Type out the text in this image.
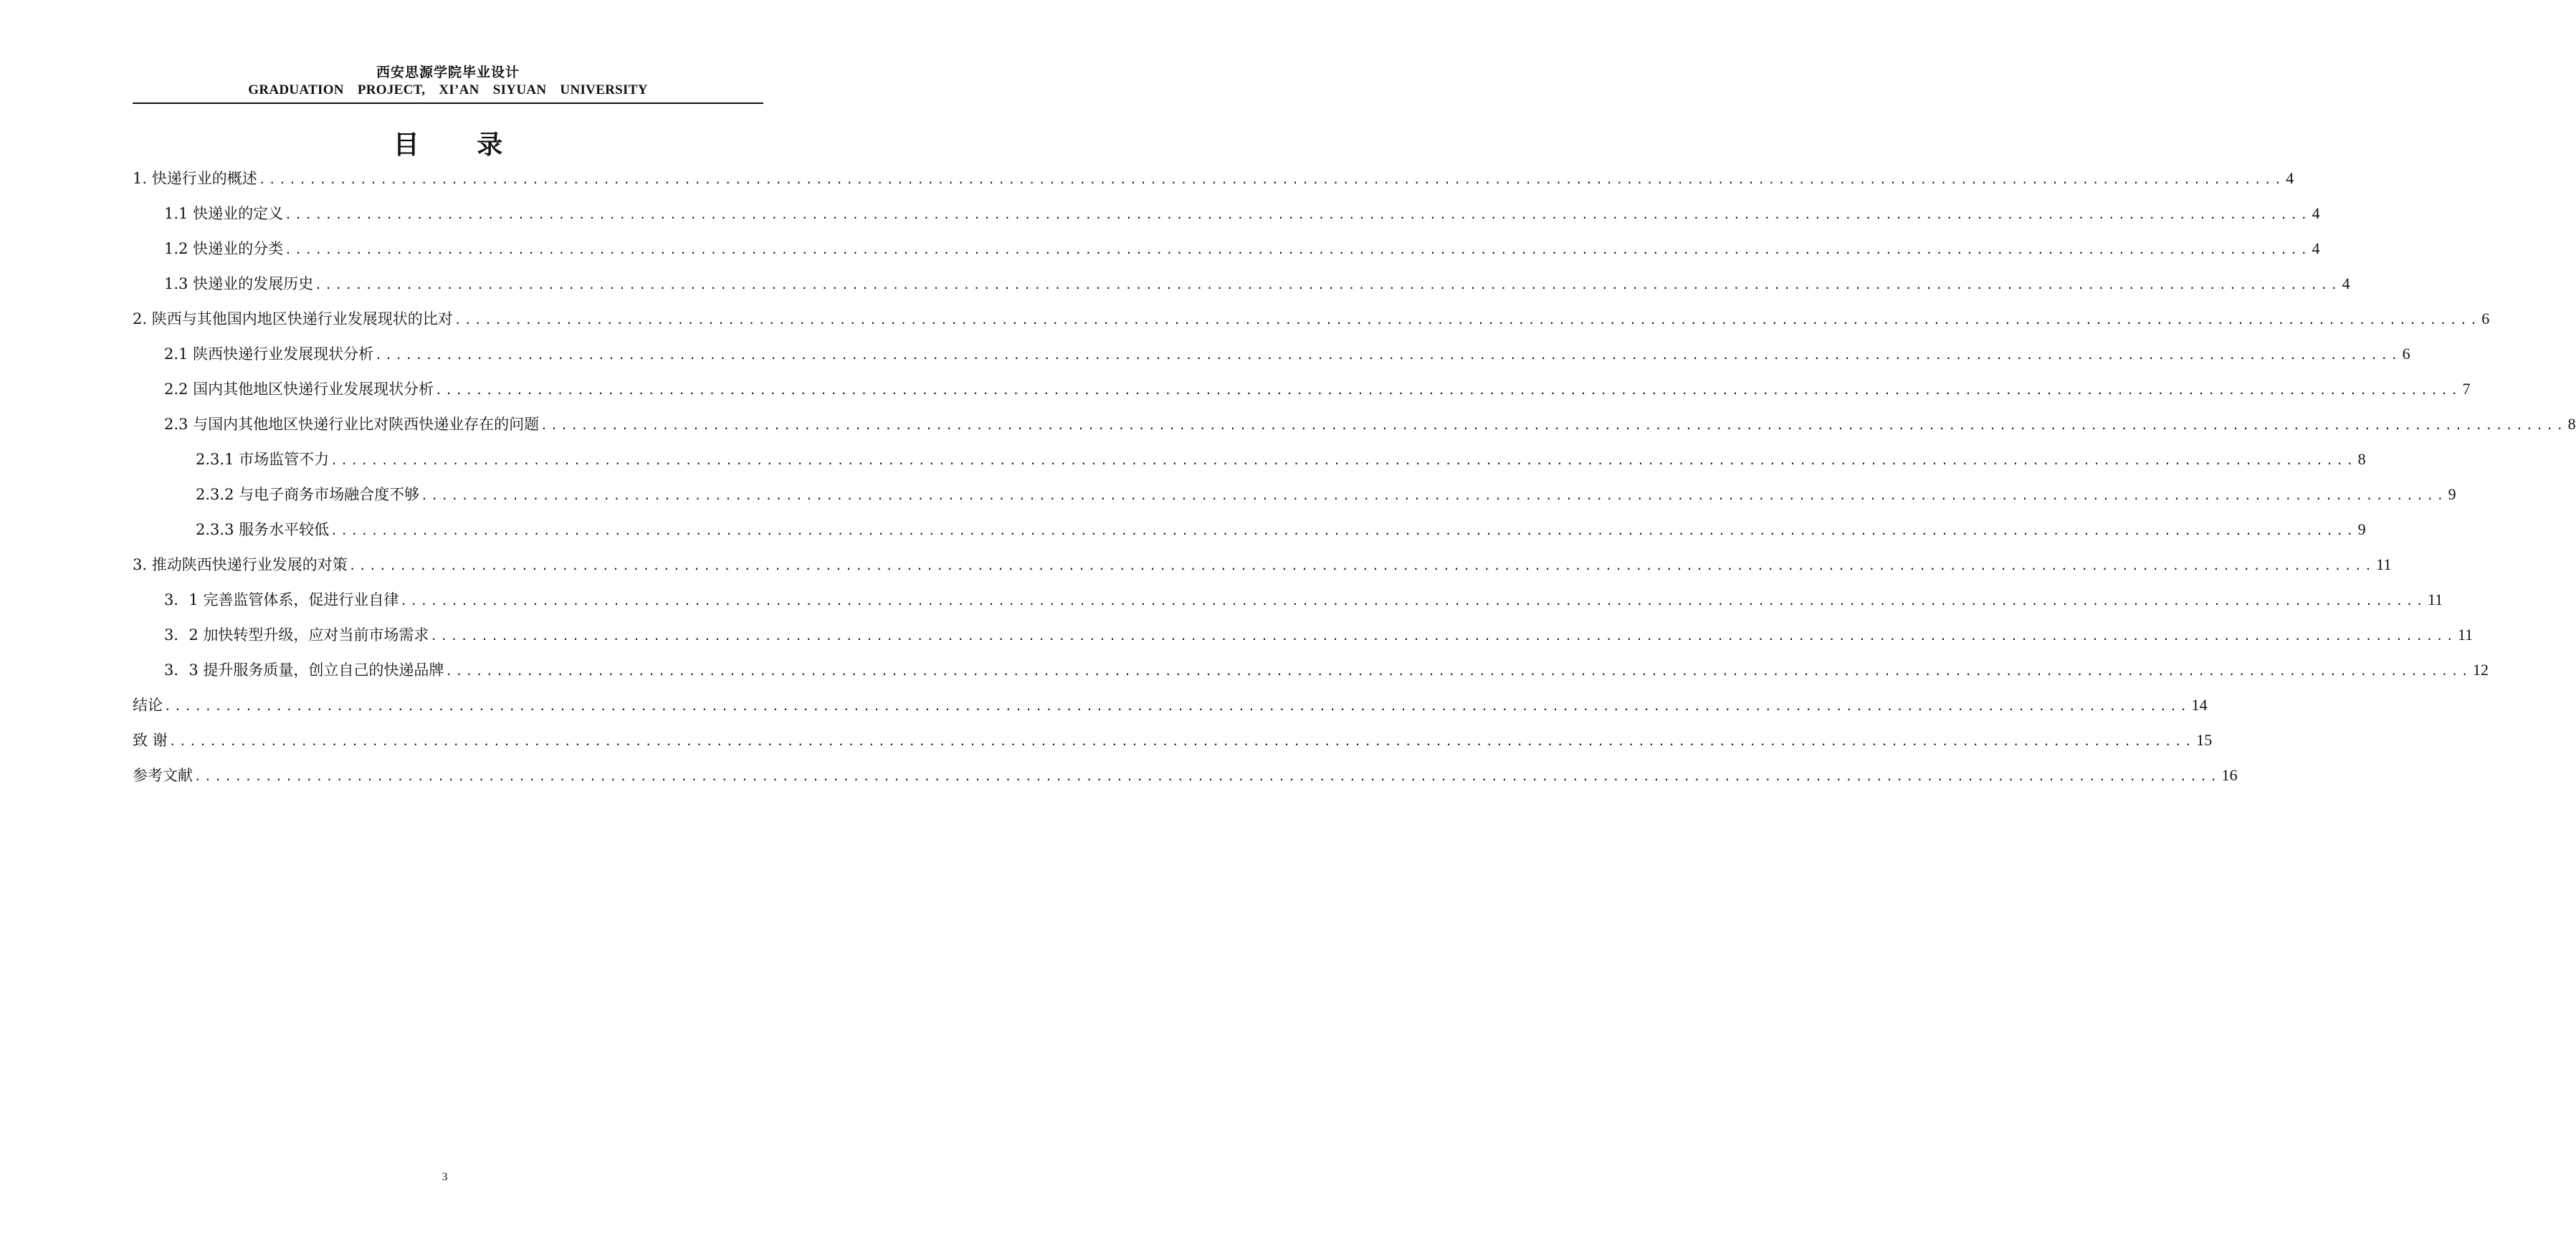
西安思源学院毕业设计
GRADUATION PROJECT, XI’AN SIYUAN UNIVERSITY
目 录
1. 快递行业的概述 ........................................................................................................................................................................................................ 4
1.1 快递业的定义 ........................................................................................................................................................................................................ 4
1.2 快递业的分类 ........................................................................................................................................................................................................ 4
1.3 快递业的发展历史 ........................................................................................................................................................................................................ 4
2. 陕西与其他国内地区快递行业发展现状的比对 ........................................................................................................................................................................................................ 6
2.1 陕西快递行业发展现状分析 ........................................................................................................................................................................................................ 6
2.2 国内其他地区快递行业发展现状分析 ........................................................................................................................................................................................................ 7
2.3 与国内其他地区快递行业比对陕西快递业存在的问题 ........................................................................................................................................................................................................ 8
2.3.1 市场监管不力 ........................................................................................................................................................................................................ 8
2.3.2 与电子商务市场融合度不够 ........................................................................................................................................................................................................ 9
2.3.3 服务水平较低 ........................................................................................................................................................................................................ 9
3. 推动陕西快递行业发展的对策 ........................................................................................................................................................................................................ 11
3．1 完善监管体系，促进行业自律 ........................................................................................................................................................................................................ 11
3．2 加快转型升级，应对当前市场需求 ........................................................................................................................................................................................................ 11
3．3 提升服务质量，创立自己的快递品牌 ........................................................................................................................................................................................................ 12
结论 ........................................................................................................................................................................................................ 14
致 谢 ........................................................................................................................................................................................................ 15
参考文献 ........................................................................................................................................................................................................ 16
3
